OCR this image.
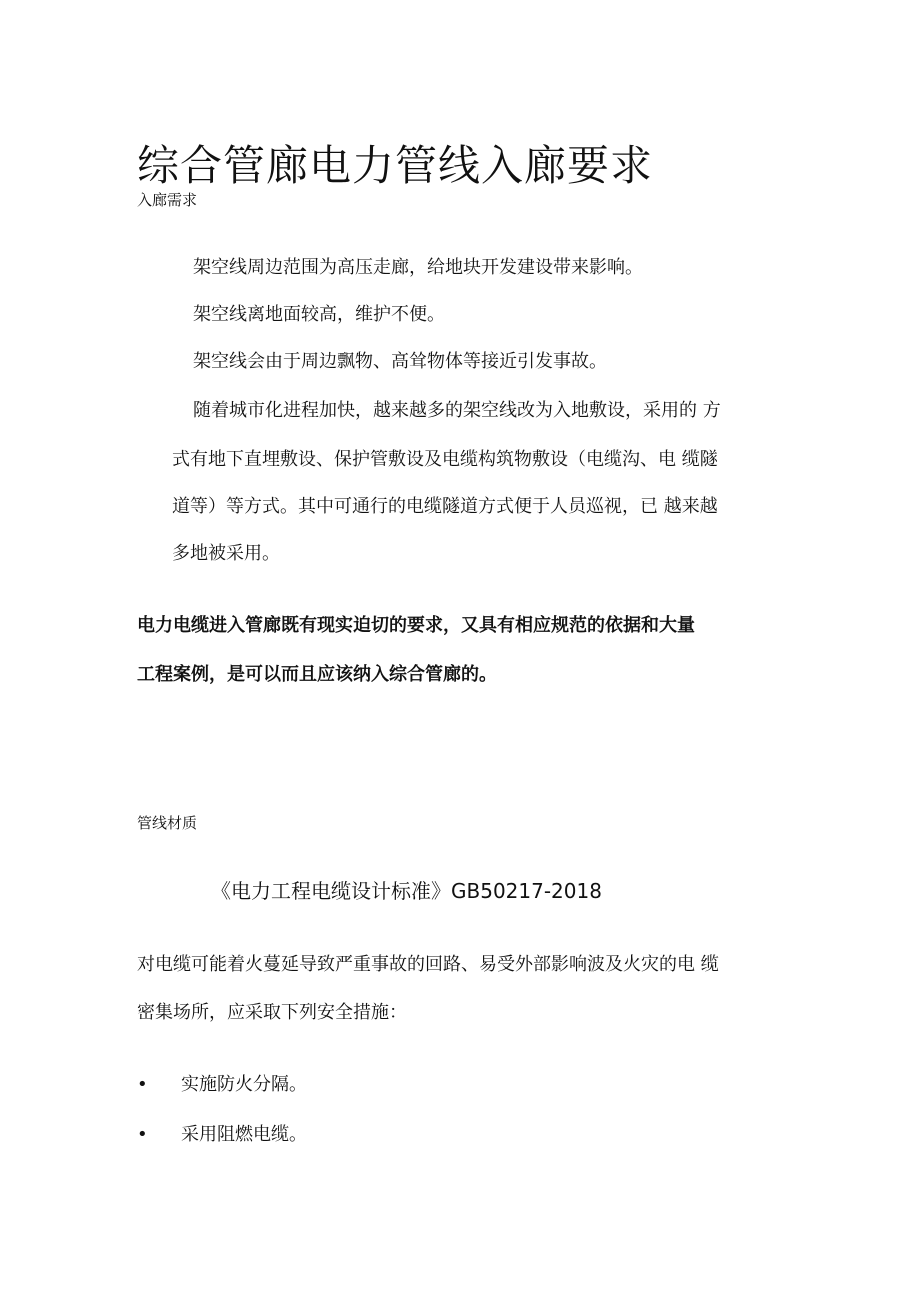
综合管廊电力管线入廊要求
入廊需求
架空线周边范围为高压走廊，给地块开发建设带来影响。
架空线离地面较高，维护不便。
架空线会由于周边飘物、高耸物体等接近引发事故。
随着城市化进程加快，越来越多的架空线改为入地敷设，采用的 方
式有地下直埋敷设、保护管敷设及电缆构筑物敷设（电缆沟、电 缆隧
道等）等方式。其中可通行的电缆隧道方式便于人员巡视，已 越来越
多地被采用。
电力电缆进入管廊既有现实迫切的要求，又具有相应规范的依据和大量
工程案例，是可以而且应该纳入综合管廊的。
管线材质
《电力工程电缆设计标准》GB50217-2018
对电缆可能着火蔓延导致严重事故的回路、易受外部影响波及火灾的电 缆
密集场所，应采取下列安全措施：
• 实施防火分隔。
• 采用阻燃电缆。
